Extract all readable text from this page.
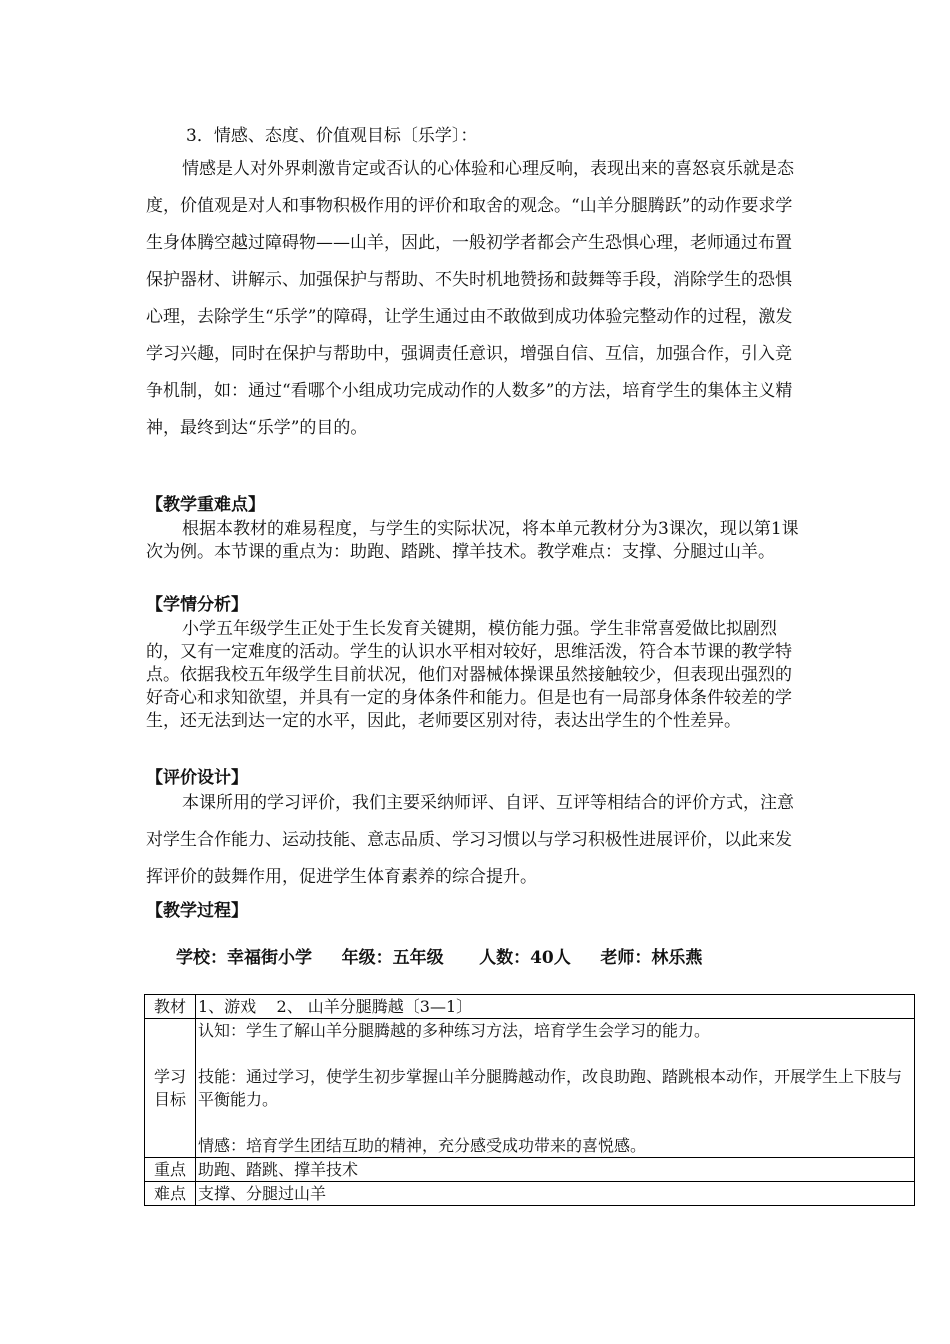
3．情感、态度、价值观目标〔乐学〕：
情感是人对外界刺激肯定或否认的心体验和心理反响，表现出来的喜怒哀乐就是态度，价值观是对人和事物积极作用的评价和取舍的观念。“山羊分腿腾跃”的动作要求学生身体腾空越过障碍物——山羊，因此，一般初学者都会产生恐惧心理，老师通过布置保护器材、讲解示、加强保护与帮助、不失时机地赞扬和鼓舞等手段，消除学生的恐惧心理，去除学生“乐学”的障碍，让学生通过由不敢做到成功体验完整动作的过程，激发学习兴趣，同时在保护与帮助中，强调责任意识，增强自信、互信，加强合作，引入竞争机制，如：通过“看哪个小组成功完成动作的人数多”的方法，培育学生的集体主义精神，最终到达“乐学”的目的。
【教学重难点】
根据本教材的难易程度，与学生的实际状况，将本单元教材分为3课次，现以第1课次为例。本节课的重点为：助跑、踏跳、撑羊技术。教学难点：支撑、分腿过山羊。
【学情分析】
小学五年级学生正处于生长发育关键期，模仿能力强。学生非常喜爱做比拟剧烈的，又有一定难度的活动。学生的认识水平相对较好，思维活泼，符合本节课的教学特点。依据我校五年级学生目前状况，他们对器械体操课虽然接触较少，但表现出强烈的好奇心和求知欲望，并具有一定的身体条件和能力。但是也有一局部身体条件较差的学生，还无法到达一定的水平，因此，老师要区别对待，表达出学生的个性差异。
【评价设计】
本课所用的学习评价，我们主要采纳师评、自评、互评等相结合的评价方式，注意对学生合作能力、运动技能、意志品质、学习习惯以与学习积极性进展评价，以此来发挥评价的鼓舞作用，促进学生体育素养的综合提升。
【教学过程】
学校：幸福街小学     年级：五年级      人数：40人     老师：林乐燕
教材	1、游戏    2、 山羊分腿腾越〔3—1〕
学习目标	认知：学生了解山羊分腿腾越的多种练习方法，培育学生会学习的能力。
技能：通过学习，使学生初步掌握山羊分腿腾越动作，改良助跑、踏跳根本动作，开展学生上下肢与平衡能力。
情感：培育学生团结互助的精神，充分感受成功带来的喜悦感。

重点	助跑、踏跳、撑羊技术
难点	支撑、分腿过山羊
